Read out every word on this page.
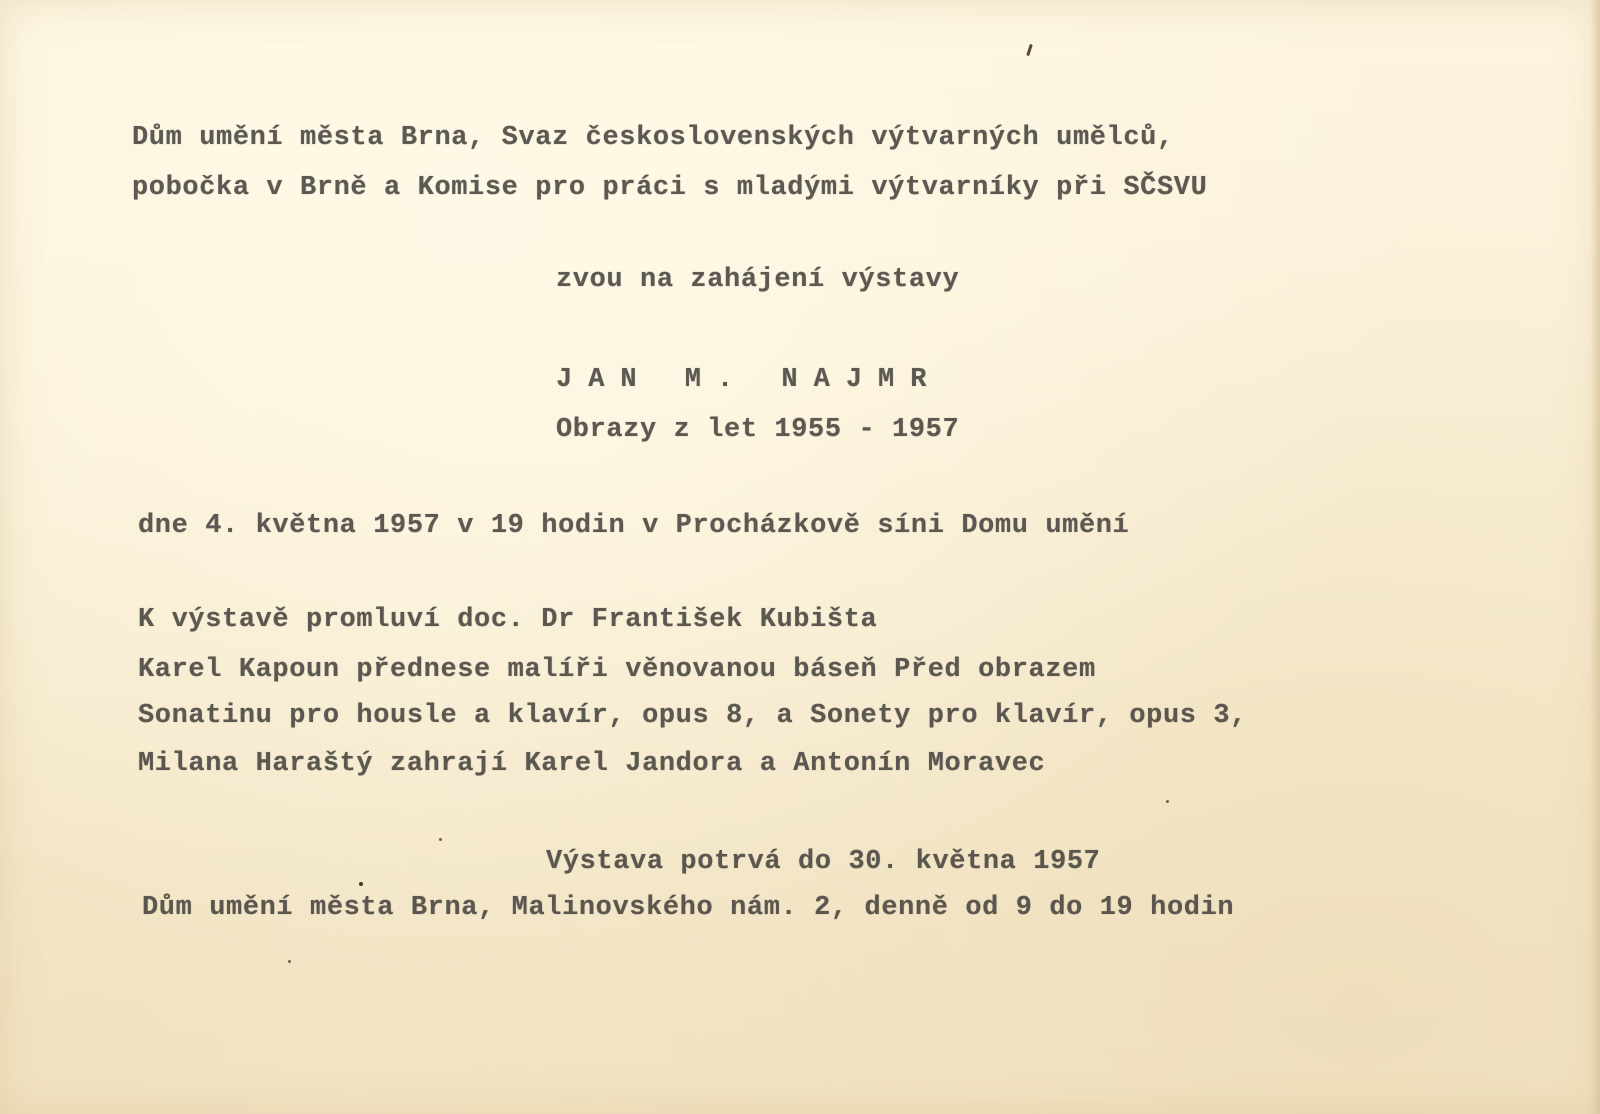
Dům umění města Brna, Svaz československých výtvarných umělců,

pobočka v Brně a Komise pro práci s mladými výtvarníky při SČSVU

zvou na zahájení výstavy

JAN M. NAJMR

Obrazy z let 1955 - 1957

dne 4. května 1957 v 19 hodin v Procházkově síni Domu umění

K výstavě promluví doc. Dr František Kubišta

Karel Kapoun přednese malíři věnovanou báseň Před obrazem

Sonatinu pro housle a klavír, opus 8, a Sonety pro klavír, opus 3,

Milana Haraštý zahrají Karel Jandora a Antonín Moravec

Výstava potrvá do 30. května 1957

Dům umění města Brna, Malinovského nám. 2, denně od 9 do 19 hodin
